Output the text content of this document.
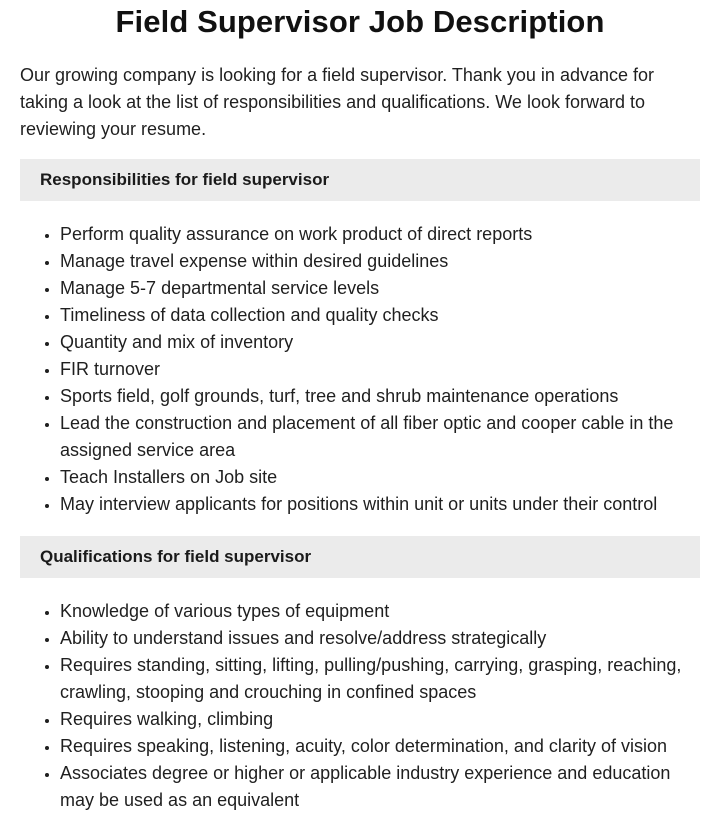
Field Supervisor Job Description

Our growing company is looking for a field supervisor. Thank you in advance for taking a look at the list of responsibilities and qualifications. We look forward to reviewing your resume.

Responsibilities for field supervisor
• Perform quality assurance on work product of direct reports
• Manage travel expense within desired guidelines
• Manage 5-7 departmental service levels
• Timeliness of data collection and quality checks
• Quantity and mix of inventory
• FIR turnover
• Sports field, golf grounds, turf, tree and shrub maintenance operations
• Lead the construction and placement of all fiber optic and cooper cable in the assigned service area
• Teach Installers on Job site
• May interview applicants for positions within unit or units under their control
Qualifications for field supervisor
• Knowledge of various types of equipment
• Ability to understand issues and resolve/address strategically
• Requires standing, sitting, lifting, pulling/pushing, carrying, grasping, reaching, crawling, stooping and crouching in confined spaces
• Requires walking, climbing
• Requires speaking, listening, acuity, color determination, and clarity of vision
• Associates degree or higher or applicable industry experience and education may be used as an equivalent
